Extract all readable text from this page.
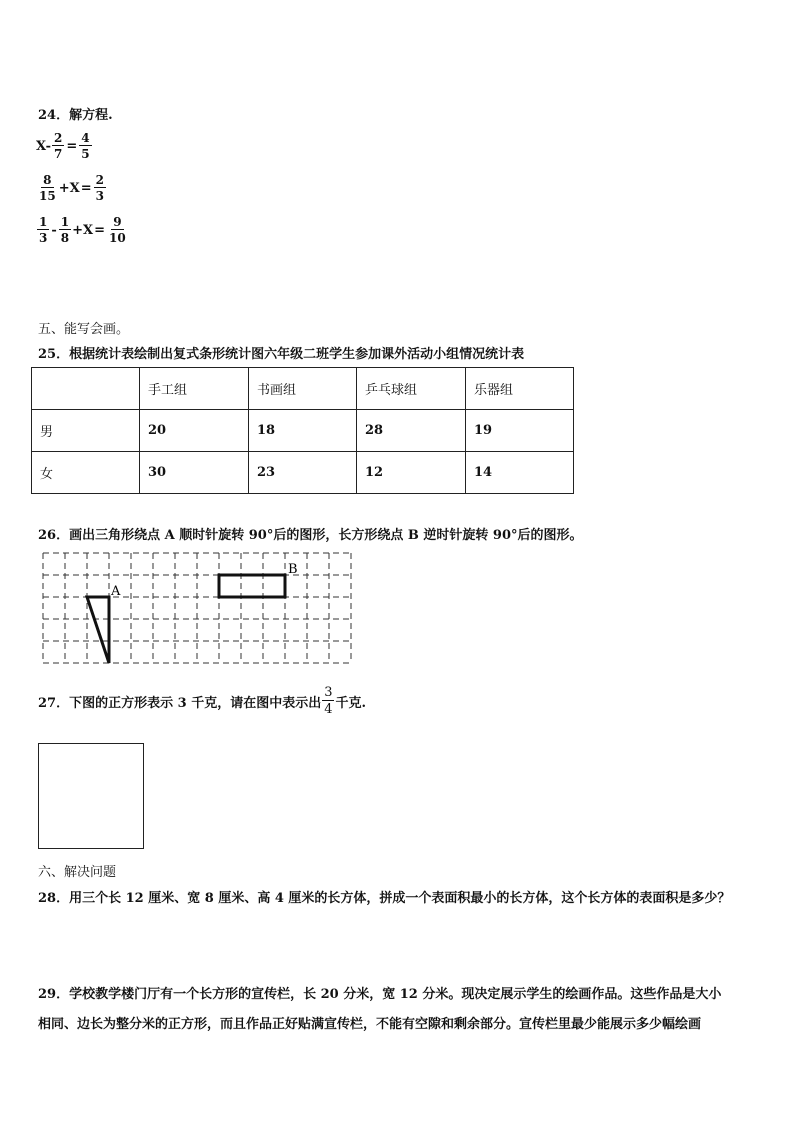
24．解方程.
$X- \frac{2}{7} = \frac{4}{5}$
$\frac{8}{15} +X = \frac{2}{3}$
$\frac{1}{3} - \frac{1}{8} +X = \frac{9}{10}$
五、能写会画。
25．根据统计表绘制出复式条形统计图六年级二班学生参加课外活动小组情况统计表
	手工组	书画组	乒乓球组	乐器组
男	20	18	28	19
女	30	23	12	14
26．画出三角形绕点 A 顺时针旋转 90°后的图形，长方形绕点 B 逆时针旋转 90°后的图形。
A
B
27．下图的正方形表示 3 千克，请在图中表示出 $\frac{3}{4}$ 千克.
六、解决问题
28．用三个长 12 厘米、宽 8 厘米、高 4 厘米的长方体，拼成一个表面积最小的长方体，这个长方体的表面积是多少？
29．学校教学楼门厅有一个长方形的宣传栏，长 20 分米，宽 12 分米。现决定展示学生的绘画作品。这些作品是大小
相同、边长为整分米的正方形，而且作品正好贴满宣传栏，不能有空隙和剩余部分。宣传栏里最少能展示多少幅绘画
